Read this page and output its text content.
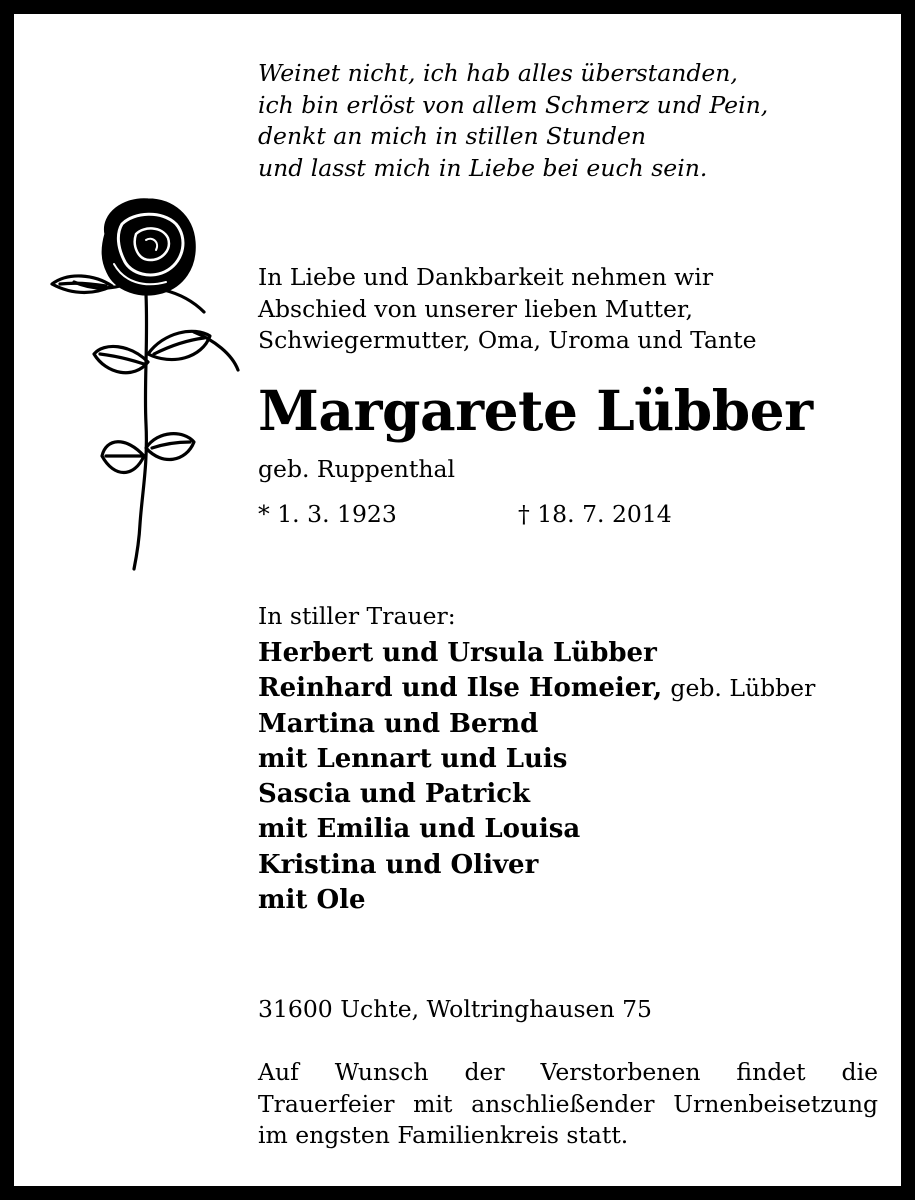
Weinet nicht, ich hab alles überstanden,
ich bin erlöst von allem Schmerz und Pein,
denkt an mich in stillen Stunden
und lasst mich in Liebe bei euch sein.
In Liebe und Dankbarkeit nehmen wir
Abschied von unserer lieben Mutter,
Schwiegermutter, Oma, Uroma und Tante
Margarete Lübber
geb. Ruppenthal
* 1. 3. 1923	† 18. 7. 2014
In stiller Trauer:
Herbert und Ursula Lübber
Reinhard und Ilse Homeier, geb. Lübber
Martina und Bernd
mit Lennart und Luis
Sascia und Patrick
mit Emilia und Louisa
Kristina und Oliver
mit Ole
31600 Uchte, Woltringhausen 75
Auf Wunsch der Verstorbenen findet die Trauerfeier mit anschließender Urnenbeisetzung im engsten Familienkreis statt.
